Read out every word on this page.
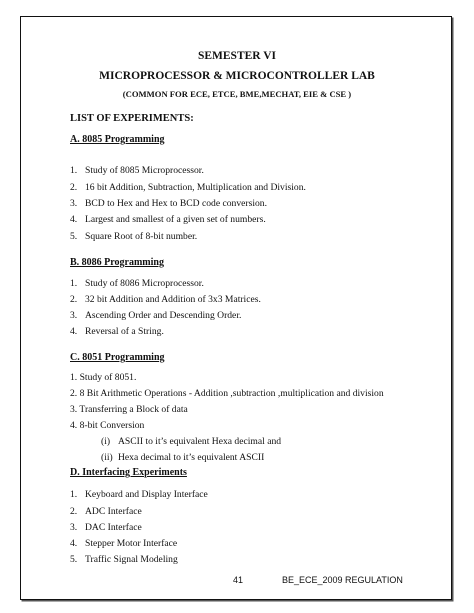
SEMESTER VI
MICROPROCESSOR & MICROCONTROLLER LAB
(COMMON FOR ECE, ETCE, BME,MECHAT, EIE & CSE )
LIST OF EXPERIMENTS:
A. 8085 Programming
1. Study of 8085 Microprocessor.
2. 16 bit Addition, Subtraction, Multiplication and Division.
3. BCD to Hex and Hex to BCD code conversion.
4. Largest and smallest of a given set of numbers.
5. Square Root of 8-bit number.
B. 8086 Programming
1. Study of 8086 Microprocessor.
2. 32 bit Addition and Addition of 3x3 Matrices.
3. Ascending Order and Descending Order.
4. Reversal of a String.
C. 8051 Programming
1. Study of 8051.
2. 8 Bit Arithmetic Operations - Addition ,subtraction ,multiplication and division
3. Transferring a Block of data
4. 8-bit Conversion
(i) ASCII to it’s equivalent Hexa decimal and
(ii) Hexa decimal to it’s equivalent ASCII
D. Interfacing Experiments
1. Keyboard and Display Interface
2. ADC Interface
3. DAC Interface
4. Stepper Motor Interface
5. Traffic Signal Modeling
41	BE_ECE_2009 REGULATION
